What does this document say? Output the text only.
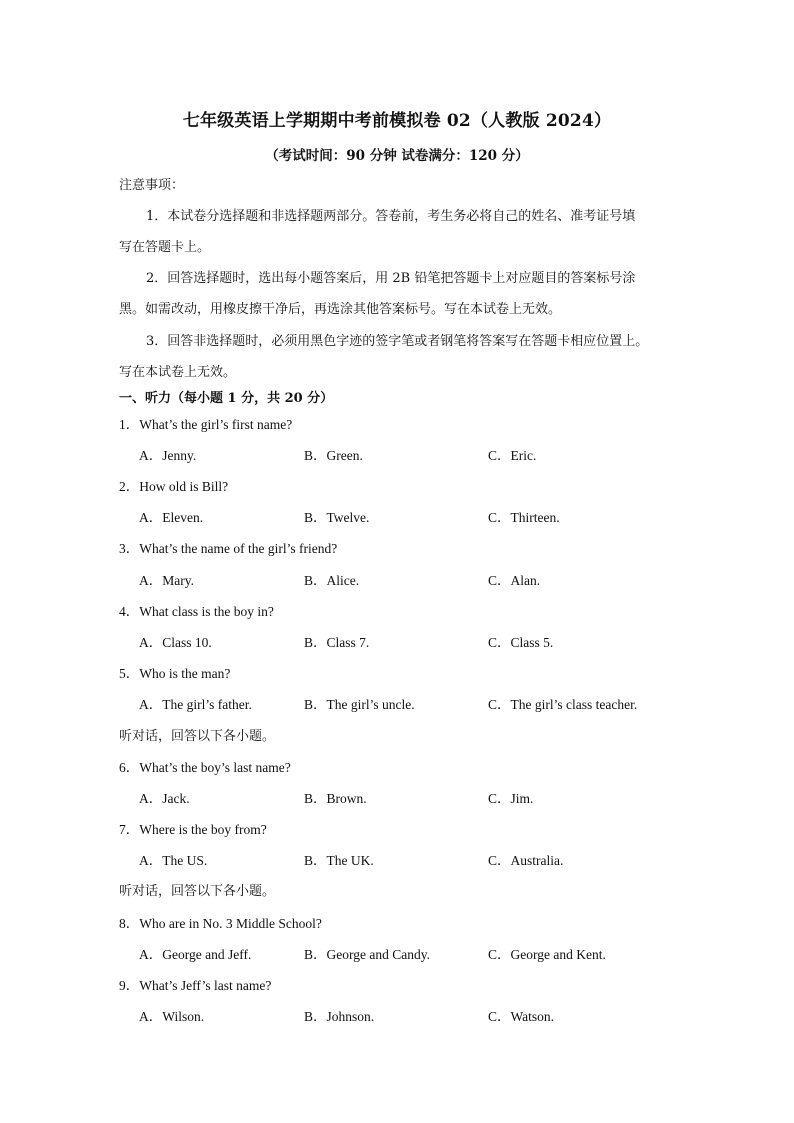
七年级英语上学期期中考前模拟卷 02（人教版 2024）
（考试时间：90 分钟 试卷满分：120 分）
注意事项：
1．本试卷分选择题和非选择题两部分。答卷前，考生务必将自己的姓名、准考证号填
写在答题卡上。
2．回答选择题时，选出每小题答案后，用 2B 铅笔把答题卡上对应题目的答案标号涂
黑。如需改动，用橡皮擦干净后，再选涂其他答案标号。写在本试卷上无效。
3．回答非选择题时，必须用黑色字迹的签字笔或者钢笔将答案写在答题卡相应位置上。
写在本试卷上无效。
一、听力（每小题 1 分，共 20 分）
1．What’s the girl’s first name?
A．Jenny.	B．Green.	C．Eric.
2．How old is Bill?
A．Eleven.	B．Twelve.	C．Thirteen.
3．What’s the name of the girl’s friend?
A．Mary.	B．Alice.	C．Alan.
4．What class is the boy in?
A．Class 10.	B．Class 7.	C．Class 5.
5．Who is the man?
A．The girl’s father.	B．The girl’s uncle.	C．The girl’s class teacher.
听对话，回答以下各小题。
6．What’s the boy’s last name?
A．Jack.	B．Brown.	C．Jim.
7．Where is the boy from?
A．The US.	B．The UK.	C．Australia.
听对话，回答以下各小题。
8．Who are in No. 3 Middle School?
A．George and Jeff.	B．George and Candy.	C．George and Kent.
9．What’s Jeff’s last name?
A．Wilson.	B．Johnson.	C．Watson.
